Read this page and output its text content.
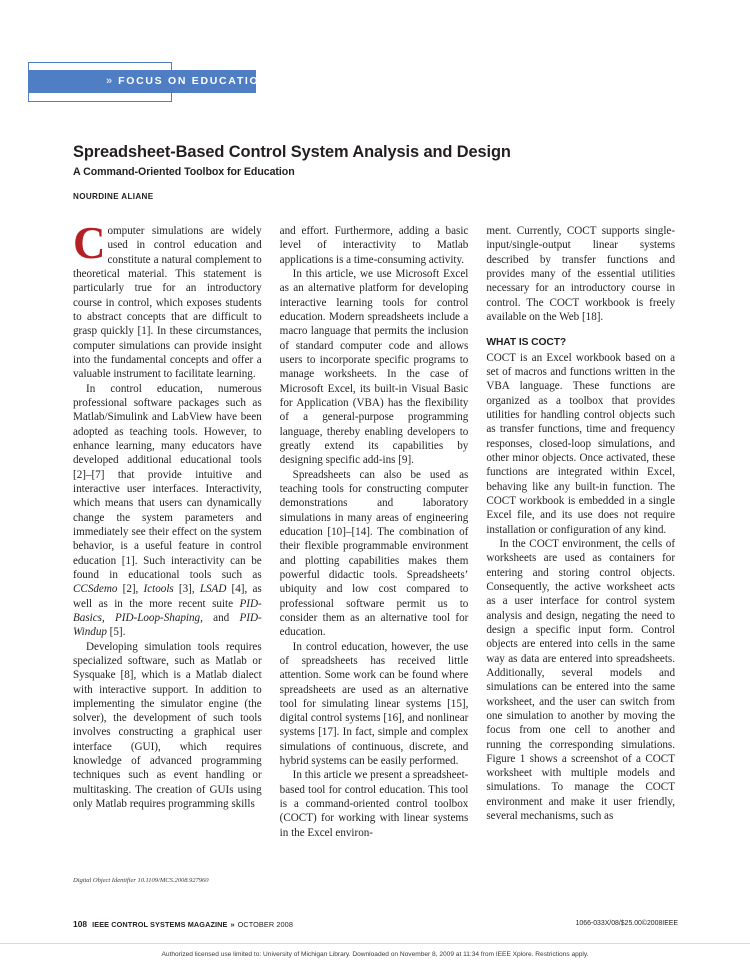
» FOCUS ON EDUCATION
Spreadsheet-Based Control System Analysis and Design
A Command-Oriented Toolbox for Education
NOURDINE ALIANE

Computer simulations are widely used in control education and constitute a natural complement to theoretical material. This statement is particularly true for an introductory course in control, which exposes students to abstract concepts that are difficult to grasp quickly [1]. In these circumstances, computer simulations can provide insight into the fundamental concepts and offer a valuable instrument to facilitate learning.

In control education, numerous professional software packages such as Matlab/Simulink and LabView have been adopted as teaching tools. However, to enhance learning, many educators have developed additional educational tools [2]–[7] that provide intuitive and interactive user interfaces. Interactivity, which means that users can dynamically change the system parameters and immediately see their effect on the system behavior, is a useful feature in control education [1]. Such interactivity can be found in educational tools such as CCSdemo [2], Ictools [3], LSAD [4], as well as in the more recent suite PID-Basics, PID-Loop-Shaping, and PID-Windup [5].

Developing simulation tools requires specialized software, such as Matlab or Sysquake [8], which is a Matlab dialect with interactive support. In addition to implementing the simulator engine (the solver), the development of such tools involves constructing a graphical user interface (GUI), which requires knowledge of advanced programming techniques such as event handling or multitasking. The creation of GUIs using only Matlab requires programming skills

Digital Object Identifier 10.1109/MCS.2008.927960

and effort. Furthermore, adding a basic level of interactivity to Matlab applications is a time-consuming activity.

In this article, we use Microsoft Excel as an alternative platform for developing interactive learning tools for control education. Modern spreadsheets include a macro language that permits the inclusion of standard computer code and allows users to incorporate specific programs to manage worksheets. In the case of Microsoft Excel, its built-in Visual Basic for Application (VBA) has the flexibility of a general-purpose programming language, thereby enabling developers to greatly extend its capabilities by designing specific add-ins [9].

Spreadsheets can also be used as teaching tools for constructing computer demonstrations and laboratory simulations in many areas of engineering education [10]–[14]. The combination of their flexible programmable environment and plotting capabilities makes them powerful didactic tools. Spreadsheets’ ubiquity and low cost compared to professional software permit us to consider them as an alternative tool for education.

In control education, however, the use of spreadsheets has received little attention. Some work can be found where spreadsheets are used as an alternative tool for simulating linear systems [15], digital control systems [16], and nonlinear systems [17]. In fact, simple and complex simulations of continuous, discrete, and hybrid systems can be easily performed.

In this article we present a spreadsheet-based tool for control education. This tool is a command-oriented control toolbox (COCT) for working with linear systems in the Excel environ-

ment. Currently, COCT supports single-input/single-output linear systems described by transfer functions and provides many of the essential utilities necessary for an introductory course in control. The COCT workbook is freely available on the Web [18].

WHAT IS COCT?

COCT is an Excel workbook based on a set of macros and functions written in the VBA language. These functions are organized as a toolbox that provides utilities for handling control objects such as transfer functions, time and frequency responses, closed-loop simulations, and other minor objects. Once activated, these functions are integrated within Excel, behaving like any built-in function. The COCT workbook is embedded in a single Excel file, and its use does not require installation or configuration of any kind.

In the COCT environment, the cells of worksheets are used as containers for entering and storing control objects. Consequently, the active worksheet acts as a user interface for control system analysis and design, negating the need to design a specific input form. Control objects are entered into cells in the same way as data are entered into spreadsheets. Additionally, several models and simulations can be entered into the same worksheet, and the user can switch from one simulation to another by moving the focus from one cell to another and running the corresponding simulations. Figure 1 shows a screenshot of a COCT worksheet with multiple models and simulations. To manage the COCT environment and make it user friendly, several mechanisms, such as

108 IEEE CONTROL SYSTEMS MAGAZINE » OCTOBER 2008	1066-033X/08/$25.00©2008IEEE
Authorized licensed use limited to: University of Michigan Library. Downloaded on November 8, 2009 at 11:34 from IEEE Xplore. Restrictions apply.
